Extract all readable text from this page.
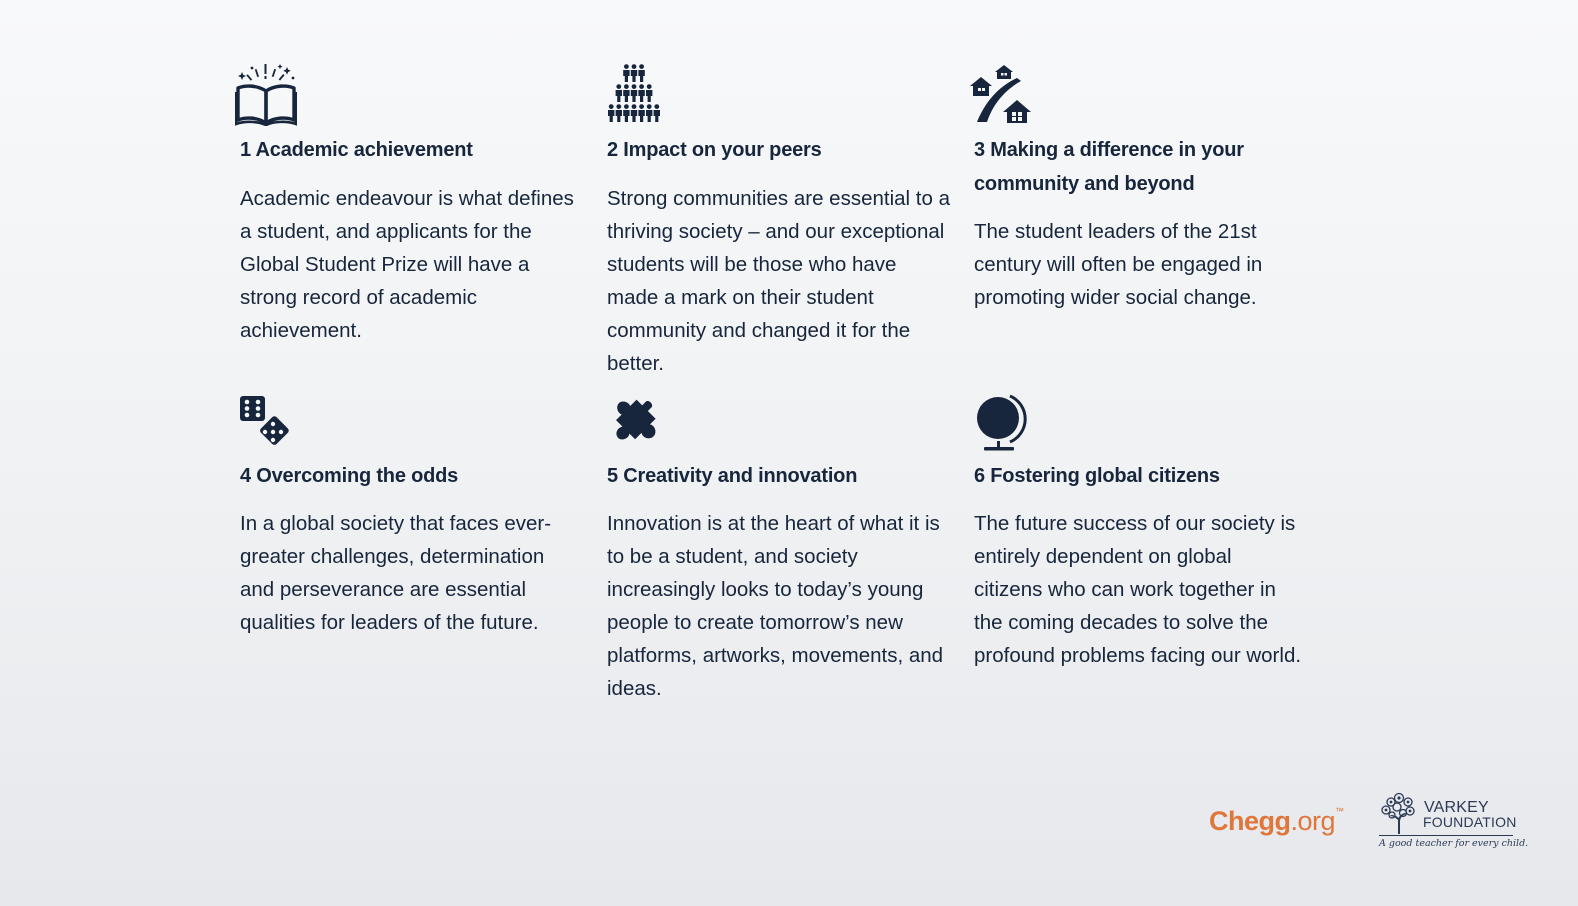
1 Academic achievement
Academic endeavour is what defines a student, and applicants for the Global Student Prize will have a strong record of academic achievement.
2 Impact on your peers
Strong communities are essential to a thriving society – and our exceptional students will be those who have made a mark on their student community and changed it for the better.
3 Making a difference in your community and beyond
The student leaders of the 21st century will often be engaged in promoting wider social change.
4 Overcoming the odds
In a global society that faces ever-greater challenges, determination and perseverance are essential qualities for leaders of the future.
5 Creativity and innovation
Innovation is at the heart of what it is to be a student, and society increasingly looks to today’s young people to create tomorrow’s new platforms, artworks, movements, and ideas.
6 Fostering global citizens
The future success of our society is entirely dependent on global citizens who can work together in the coming decades to solve the profound problems facing our world.
Chegg.org™	VARKEY
FOUNDATION
A good teacher for every child.
